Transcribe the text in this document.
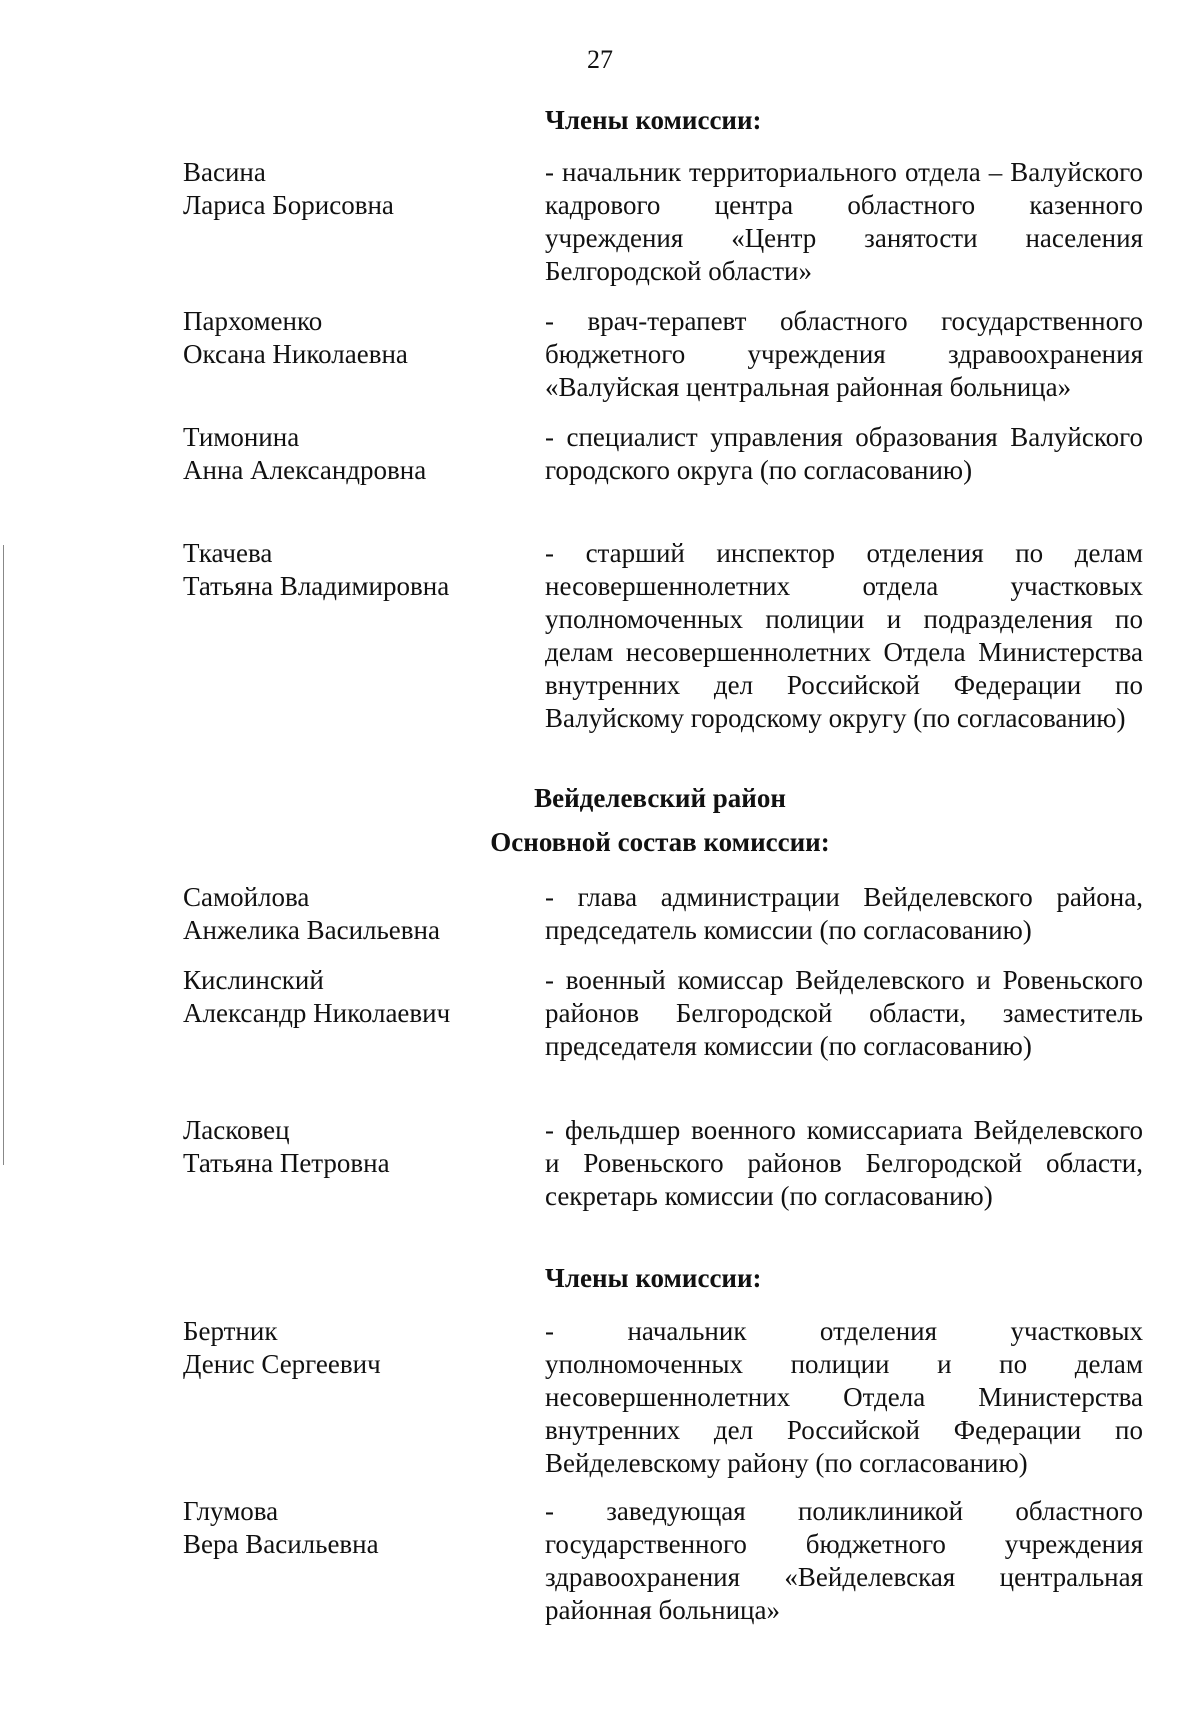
27
Члены комиссии:
Васина
Лариса Борисовна
- начальник территориального отдела – Валуйского кадрового центра областного казенного учреждения «Центр занятости населения Белгородской области»
Пархоменко
Оксана Николаевна
- врач-терапевт областного государственного бюджетного учреждения здравоохранения «Валуйская центральная районная больница»
Тимонина
Анна Александровна
- специалист управления образования Валуйского городского округа (по согласованию)
Ткачева
Татьяна Владимировна
- старший инспектор отделения по делам несовершеннолетних отдела участковых уполномоченных полиции и подразделения по делам несовершеннолетних Отдела Министерства внутренних дел Российской Федерации по Валуйскому городскому округу (по согласованию)
Вейделевский район
Основной состав комиссии:
Самойлова
Анжелика Васильевна
- глава администрации Вейделевского района, председатель комиссии (по согласованию)
Кислинский
Александр Николаевич
- военный комиссар Вейделевского и Ровеньского районов Белгородской области, заместитель председателя комиссии (по согласованию)
Ласковец
Татьяна Петровна
- фельдшер военного комиссариата Вейделевского и Ровеньского районов Белгородской области, секретарь комиссии (по согласованию)
Члены комиссии:
Бертник
Денис Сергеевич
- начальник отделения участковых уполномоченных полиции и по делам несовершеннолетних Отдела Министерства внутренних дел Российской Федерации по Вейделевскому району (по согласованию)
Глумова
Вера Васильевна
- заведующая поликлиникой областного государственного бюджетного учреждения здравоохранения «Вейделевская центральная районная больница»
